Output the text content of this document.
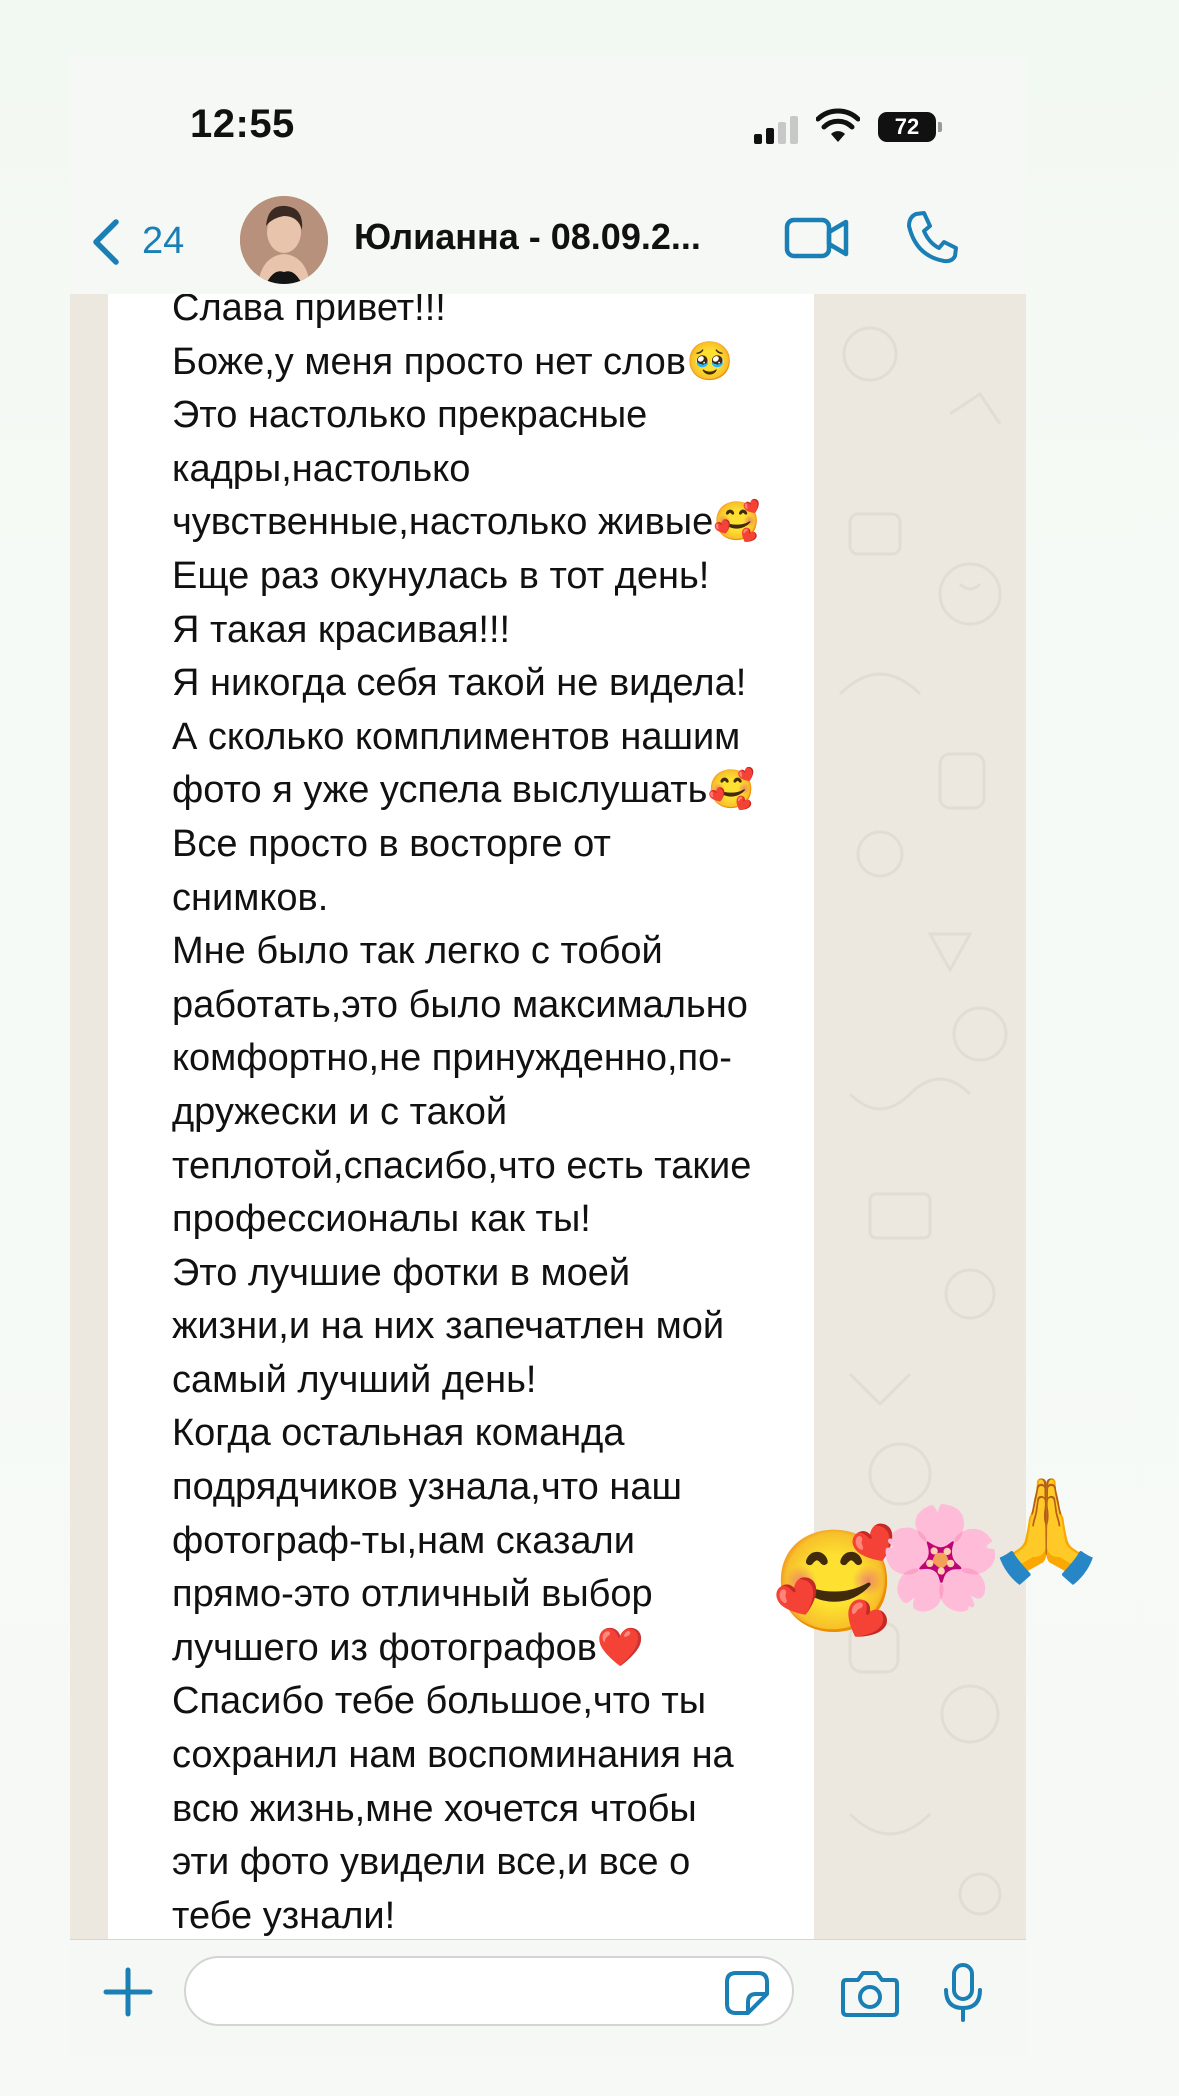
12:55	72
24	Юлианна - 08.09.2...
Слава привет!!!
Боже,у меня просто нет слов🥹
Это настолько прекрасные
кадры,настолько
чувственные,настолько живые🥰
Еще раз окунулась в тот день!
Я такая красивая!!!
Я никогда себя такой не видела!
А сколько комплиментов нашим
фото я уже успела выслушать🥰
Все просто в восторге от
снимков.
Мне было так легко с тобой
работать,это было максимально
комфортно,не принужденно,по-
дружески и с такой
теплотой,спасибо,что есть такие
профессионалы как ты!
Это лучшие фотки в моей
жизни,и на них запечатлен мой
самый лучший день!
Когда остальная команда
подрядчиков узнала,что наш
фотограф-ты,нам сказали
прямо-это отличный выбор
лучшего из фотографов❤️
Спасибо тебе большое,что ты
сохранил нам воспоминания на
всю жизнь,мне хочется чтобы
эти фото увидели все,и все о
тебе узнали!
🥰
🌸
🙏
